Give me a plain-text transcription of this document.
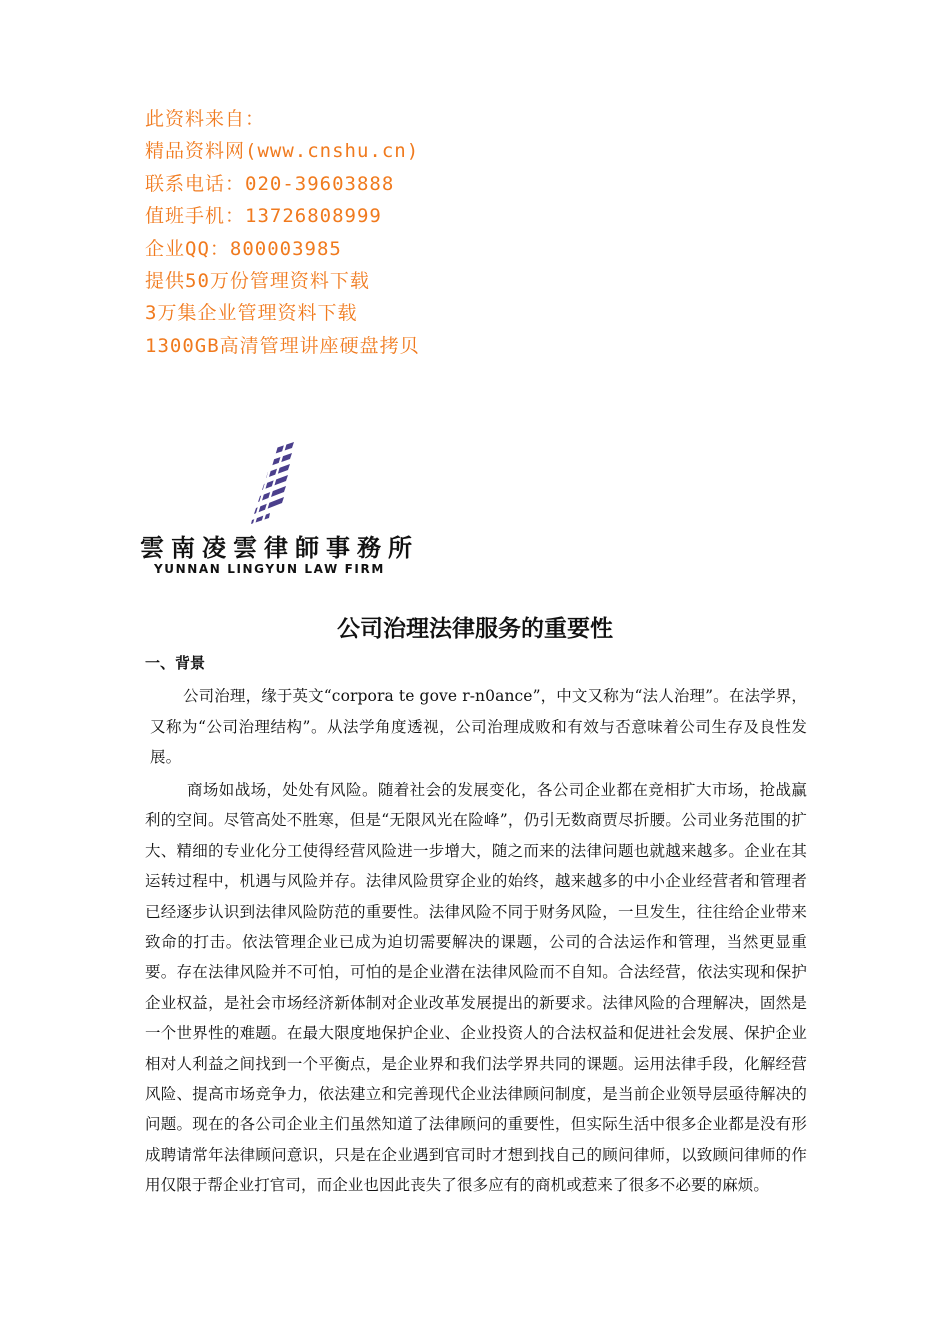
此资料来自：
精品资料网(www.cnshu.cn)
联系电话：020-39603888
值班手机：13726808999
企业QQ：800003985
提供50万份管理资料下载
3万集企业管理资料下载
1300GB高清管理讲座硬盘拷贝
雲南凌雲律師事務所
YUNNAN LINGYUN LAW FIRM
公司治理法律服务的重要性
一、背景

公司治理，缘于英文“corpora te gove r-n0ance”，中文又称为“法人治理”。在法学界，又称为“公司治理结构”。从法学角度透视，公司治理成败和有效与否意味着公司生存及良性发展。

商场如战场，处处有风险。随着社会的发展变化，各公司企业都在竞相扩大市场，抢战赢利的空间。尽管高处不胜寒，但是“无限风光在险峰”，仍引无数商贾尽折腰。公司业务范围的扩大、精细的专业化分工使得经营风险进一步增大，随之而来的法律问题也就越来越多。企业在其运转过程中，机遇与风险并存。法律风险贯穿企业的始终，越来越多的中小企业经营者和管理者已经逐步认识到法律风险防范的重要性。法律风险不同于财务风险，一旦发生，往往给企业带来致命的打击。依法管理企业已成为迫切需要解决的课题，公司的合法运作和管理，当然更显重要。存在法律风险并不可怕，可怕的是企业潜在法律风险而不自知。合法经营，依法实现和保护企业权益，是社会市场经济新体制对企业改革发展提出的新要求。法律风险的合理解决，固然是一个世界性的难题。在最大限度地保护企业、企业投资人的合法权益和促进社会发展、保护企业相对人利益之间找到一个平衡点，是企业界和我们法学界共同的课题。运用法律手段，化解经营风险、提高市场竞争力，依法建立和完善现代企业法律顾问制度，是当前企业领导层亟待解决的问题。现在的各公司企业主们虽然知道了法律顾问的重要性，但实际生活中很多企业都是没有形成聘请常年法律顾问意识，只是在企业遇到官司时才想到找自己的顾问律师，以致顾问律师的作用仅限于帮企业打官司，而企业也因此丧失了很多应有的商机或惹来了很多不必要的麻烦。
